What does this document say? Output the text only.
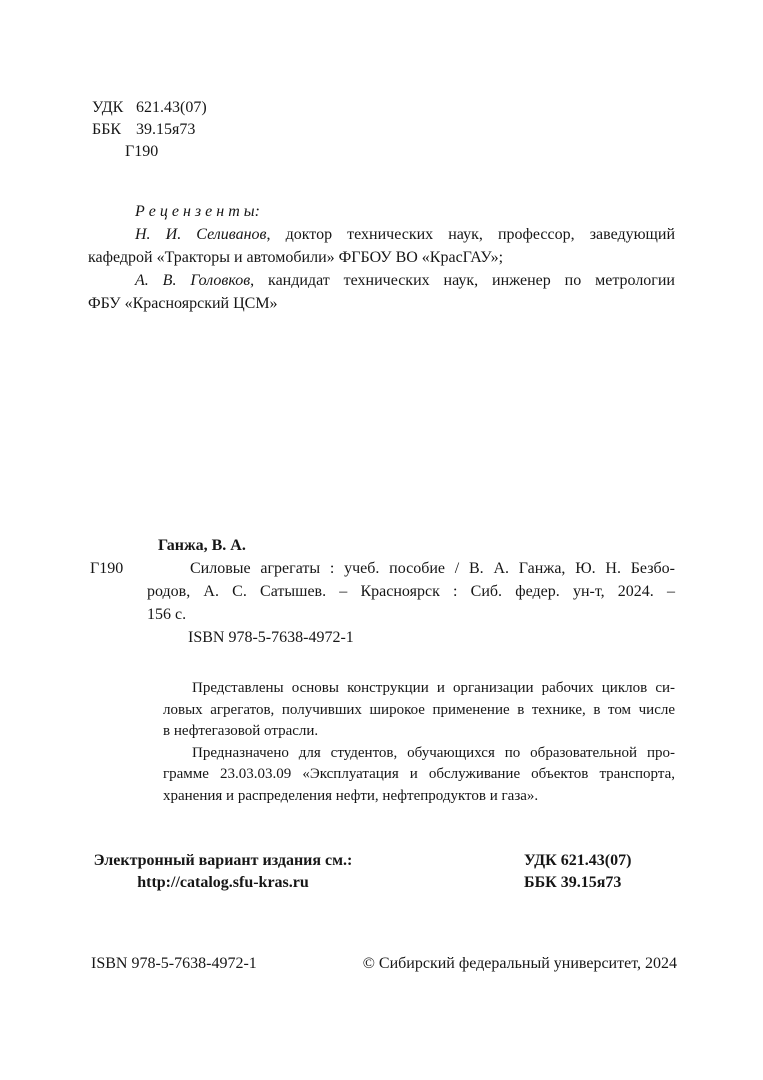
УДК 621.43(07)
ББК 39.15я73
Г190
Р е ц е н з е н т ы:
Н. И. Селиванов, доктор технических наук, профессор, заведующий
кафедрой «Тракторы и автомобили» ФГБОУ ВО «КрасГАУ»;
А. В. Головков, кандидат технических наук, инженер по метрологии
ФБУ «Красноярский ЦСМ»
Г190
Ганжа, В. А.
Силовые агрегаты : учеб. пособие / В. А. Ганжа, Ю. Н. Безбо-
родов, А. С. Сатышев. – Красноярск : Сиб. федер. ун-т, 2024. –
156 с.
ISBN 978-5-7638-4972-1
Представлены основы конструкции и организации рабочих циклов си-
ловых агрегатов, получивших широкое применение в технике, в том числе
в нефтегазовой отрасли.
Предназначено для студентов, обучающихся по образовательной про-
грамме 23.03.03.09 «Эксплуатация и обслуживание объектов транспорта,
хранения и распределения нефти, нефтепродуктов и газа».
Электронный вариант издания см.:
http://catalog.sfu-kras.ru
УДК 621.43(07)
ББК 39.15я73
ISBN 978-5-7638-4972-1	© Сибирский федеральный университет, 2024
